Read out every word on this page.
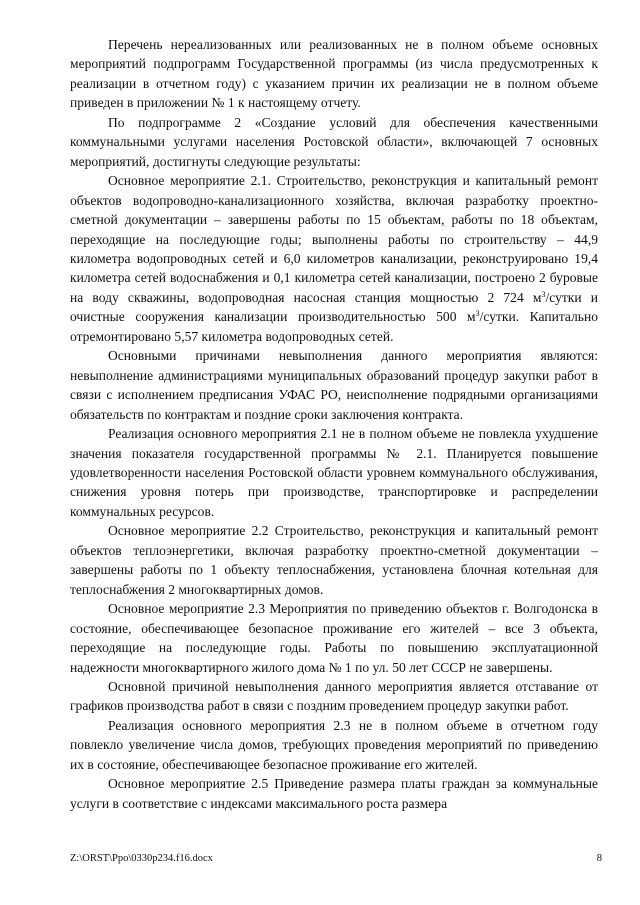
Перечень нереализованных или реализованных не в полном объеме основных мероприятий подпрограмм Государственной программы (из числа предусмотренных к реализации в отчетном году) с указанием причин их реализации не в полном объеме приведен в приложении № 1 к настоящему отчету.

По подпрограмме 2 «Создание условий для обеспечения качественными коммунальными услугами населения Ростовской области», включающей 7 основных мероприятий, достигнуты следующие результаты:

Основное мероприятие 2.1. Строительство, реконструкция и капитальный ремонт объектов водопроводно-канализационного хозяйства, включая разработку проектно-сметной документации – завершены работы по 15 объектам, работы по 18 объектам, переходящие на последующие годы; выполнены работы по строительству – 44,9 километра водопроводных сетей и 6,0 километров канализации, реконструировано 19,4 километра сетей водоснабжения и 0,1 километра сетей канализации, построено 2 буровые на воду скважины, водопроводная насосная станция мощностью 2 724 $м^3$/сутки и очистные сооружения канализации производительностью 500 $м^3$/сутки. Капитально отремонтировано 5,57 километра водопроводных сетей.

Основными причинами невыполнения данного мероприятия являются: невыполнение администрациями муниципальных образований процедур закупки работ в связи с исполнением предписания УФАС РО, неисполнение подрядными организациями обязательств по контрактам и поздние сроки заключения контракта.

Реализация основного мероприятия 2.1 не в полном объеме не повлекла ухудшение значения показателя государственной программы № 2.1. Планируется повышение удовлетворенности населения Ростовской области уровнем коммунального обслуживания, снижения уровня потерь при производстве, транспортировке и распределении коммунальных ресурсов.

Основное мероприятие 2.2 Строительство, реконструкция и капитальный ремонт объектов теплоэнергетики, включая разработку проектно-сметной документации – завершены работы по 1 объекту теплоснабжения, установлена блочная котельная для теплоснабжения 2 многоквартирных домов.

Основное мероприятие 2.3 Мероприятия по приведению объектов г. Волгодонска в состояние, обеспечивающее безопасное проживание его жителей – все 3 объекта, переходящие на последующие годы. Работы по повышению эксплуатационной надежности многоквартирного жилого дома № 1 по ул. 50 лет СССР не завершены.

Основной причиной невыполнения данного мероприятия является отставание от графиков производства работ в связи с поздним проведением процедур закупки работ.

Реализация основного мероприятия 2.3 не в полном объеме в отчетном году повлекло увеличение числа домов, требующих проведения мероприятий по приведению их в состояние, обеспечивающее безопасное проживание его жителей.

Основное мероприятие 2.5 Приведение размера платы граждан за коммунальные услуги в соответствие с индексами максимального роста размера

Z:\ORST\Ppo\0330p234.f16.docx	8
